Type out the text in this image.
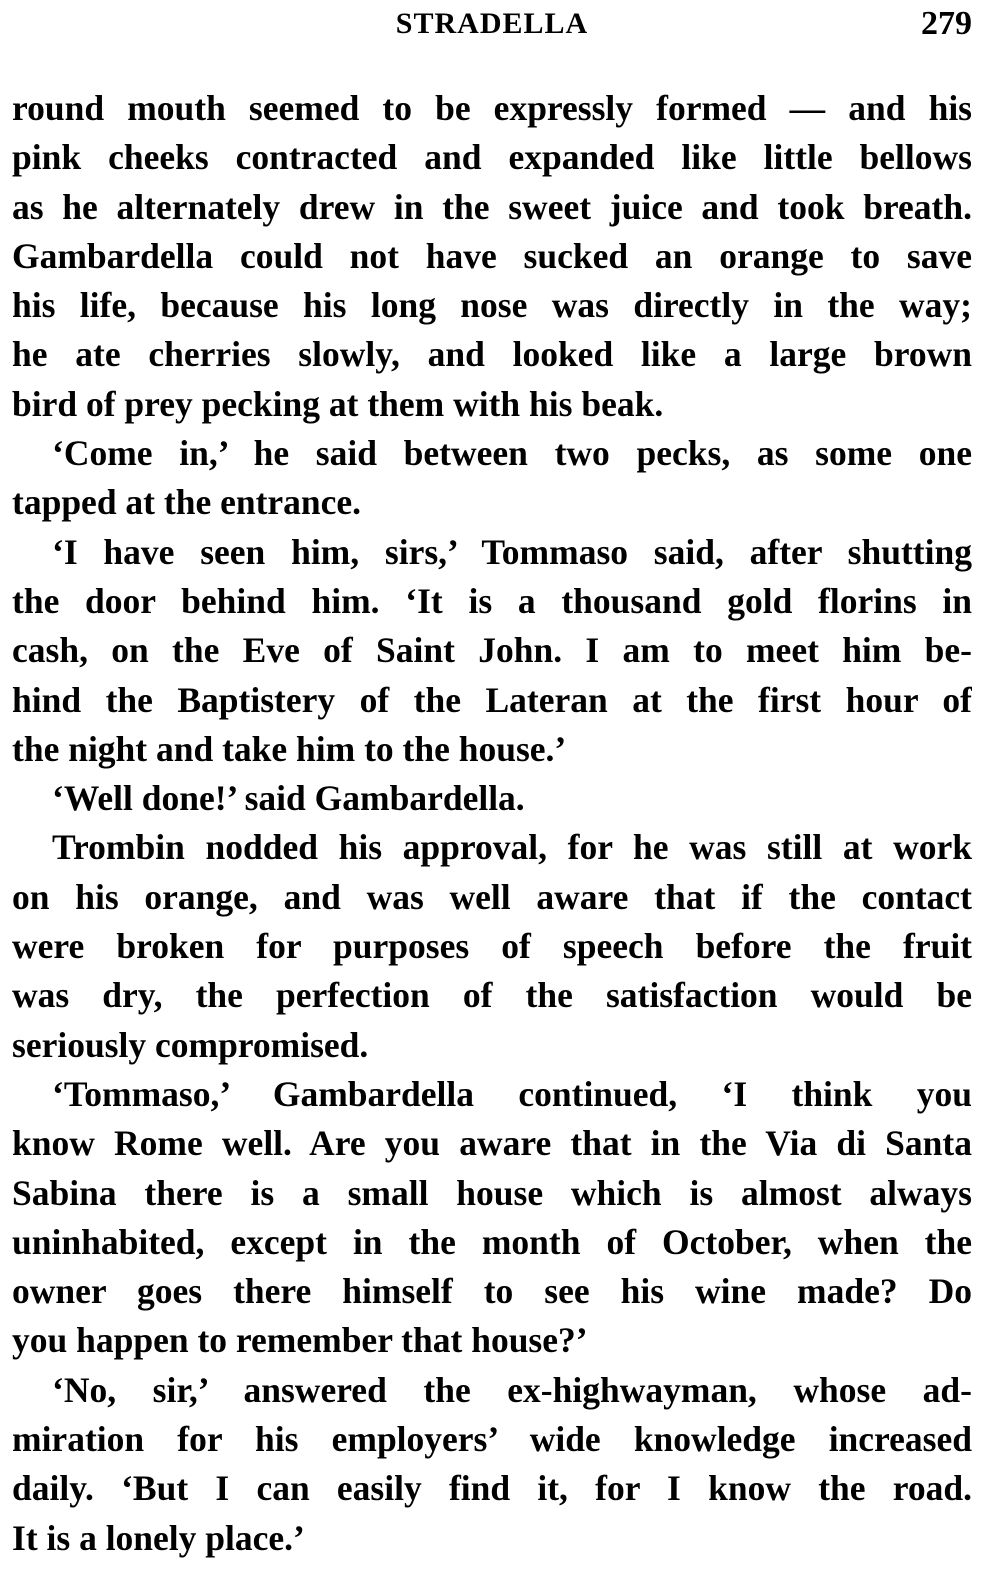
STRADELLA	279
round mouth seemed to be expressly formed — and his
pink cheeks contracted and expanded like little bellows
as he alternately drew in the sweet juice and took breath.
Gambardella could not have sucked an orange to save
his life, because his long nose was directly in the way;
he ate cherries slowly, and looked like a large brown
bird of prey pecking at them with his beak.
‘Come in,’ he said between two pecks, as some one
tapped at the entrance.
‘I have seen him, sirs,’ Tommaso said, after shutting
the door behind him. ‘It is a thousand gold florins in
cash, on the Eve of Saint John. I am to meet him be-
hind the Baptistery of the Lateran at the first hour of
the night and take him to the house.’
‘Well done!’ said Gambardella.
Trombin nodded his approval, for he was still at work
on his orange, and was well aware that if the contact
were broken for purposes of speech before the fruit
was dry, the perfection of the satisfaction would be
seriously compromised.
‘Tommaso,’ Gambardella continued, ‘I think you
know Rome well. Are you aware that in the Via di Santa
Sabina there is a small house which is almost always
uninhabited, except in the month of October, when the
owner goes there himself to see his wine made? Do
you happen to remember that house?’
‘No, sir,’ answered the ex-highwayman, whose ad-
miration for his employers’ wide knowledge increased
daily. ‘But I can easily find it, for I know the road.
It is a lonely place.’
